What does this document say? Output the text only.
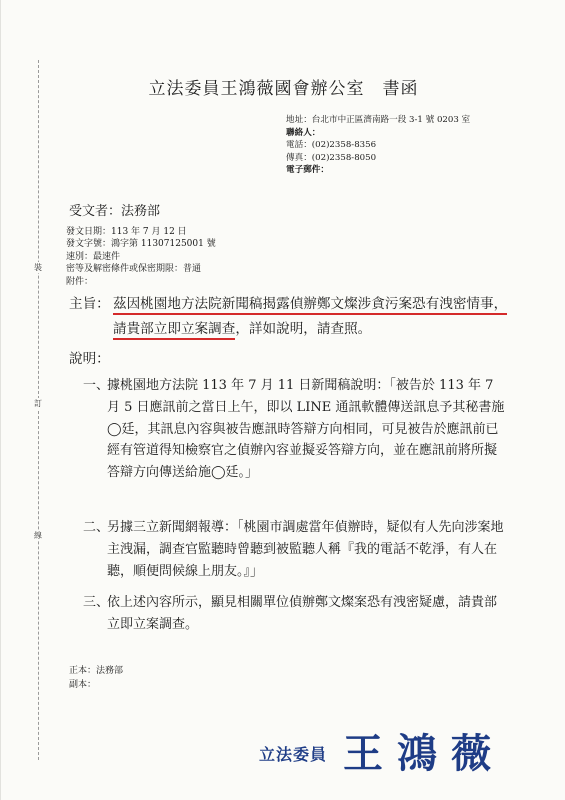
裝
訂
線
立法委員王鴻薇國會辦公室　書函
地址：台北市中正區濟南路一段 3-1 號 0203 室
聯絡人：
電話：(02)2358-8356
傳真：(02)2358-8050
電子郵件：
受文者：法務部
發文日期：113 年 7 月 12 日
發文字號：鴻字第 11307125001 號
速別：最速件
密等及解密條件或保密期限：普通
附件：
主旨： 茲因桃園地方法院新聞稿揭露偵辦鄭文燦涉貪污案恐有洩密情事，請貴部立即立案調查，詳如說明，請查照。
說明：
一、
據桃園地方法院 113 年 7 月 11 日新聞稿說明：「被告於 113 年 7 月 5 日應訊前之當日上午，即以 LINE 通訊軟體傳送訊息予其秘書施◯廷，其訊息內容與被告應訊時答辯方向相同，可見被告於應訊前已經有管道得知檢察官之偵辦內容並擬妥答辯方向，並在應訊前將所擬答辯方向傳送給施◯廷。」
二、
另據三立新聞網報導：「桃園市調處當年偵辦時，疑似有人先向涉案地主洩漏，調查官監聽時曾聽到被監聽人稱『我的電話不乾淨，有人在聽，順便問候線上朋友。』」
三、
依上述內容所示，顯見相關單位偵辦鄭文燦案恐有洩密疑慮，請貴部立即立案調查。
正本：法務部
副本：
立法委員 王鴻薇
